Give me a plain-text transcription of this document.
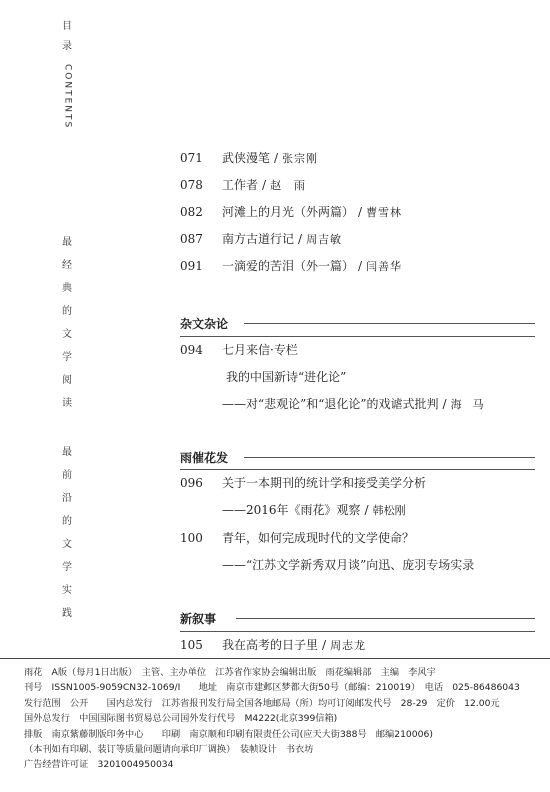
目
录
CONTENTS
最
经
典
的
文
学
阅
读
最
前
沿
的
文
学
实
践
071 武侠漫笔 / 张宗刚
078 工作者 / 赵　雨
082 河滩上的月光（外两篇） / 曹雪林
087 南方古道行记 / 周吉敏
091 一滴爱的苦泪（外一篇） / 闫善华
杂文杂论
094 七月来信·专栏
我的中国新诗“进化论”
——对“悲观论”和“退化论”的戏谑式批判 / 海　马
雨催花发
096 关于一本期刊的统计学和接受美学分析
——2016年《雨花》观察 / 韩松刚
100 青年，如何完成现时代的文学使命？
——“江苏文学新秀双月谈”向迅、庞羽专场实录
新叙事
105 我在高考的日子里 / 周志龙
雨花　A版（每月1日出版）　主管、主办单位　江苏省作家协会编辑出版　雨花编辑部　主编　李风宇
刊号　ISSN1005-9059CN32-1069/I　　地址　南京市建邺区梦都大街50号（邮编：210019）　电话　025-86486043
发行范围　公开　　国内总发行　江苏省报刊发行局全国各地邮局（所）均可订阅邮发代号　28-29　定价　12.00元
国外总发行　中国国际图书贸易总公司国外发行代号　M4222(北京399信箱)
排版　南京紫藤制版印务中心　　印刷　南京顺和印刷有限责任公司(应天大街388号　邮编210006)
（本刊如有印刷、装订等质量问题请向承印厂调换）　装帧设计　书衣坊
广告经营许可证　3201004950034
